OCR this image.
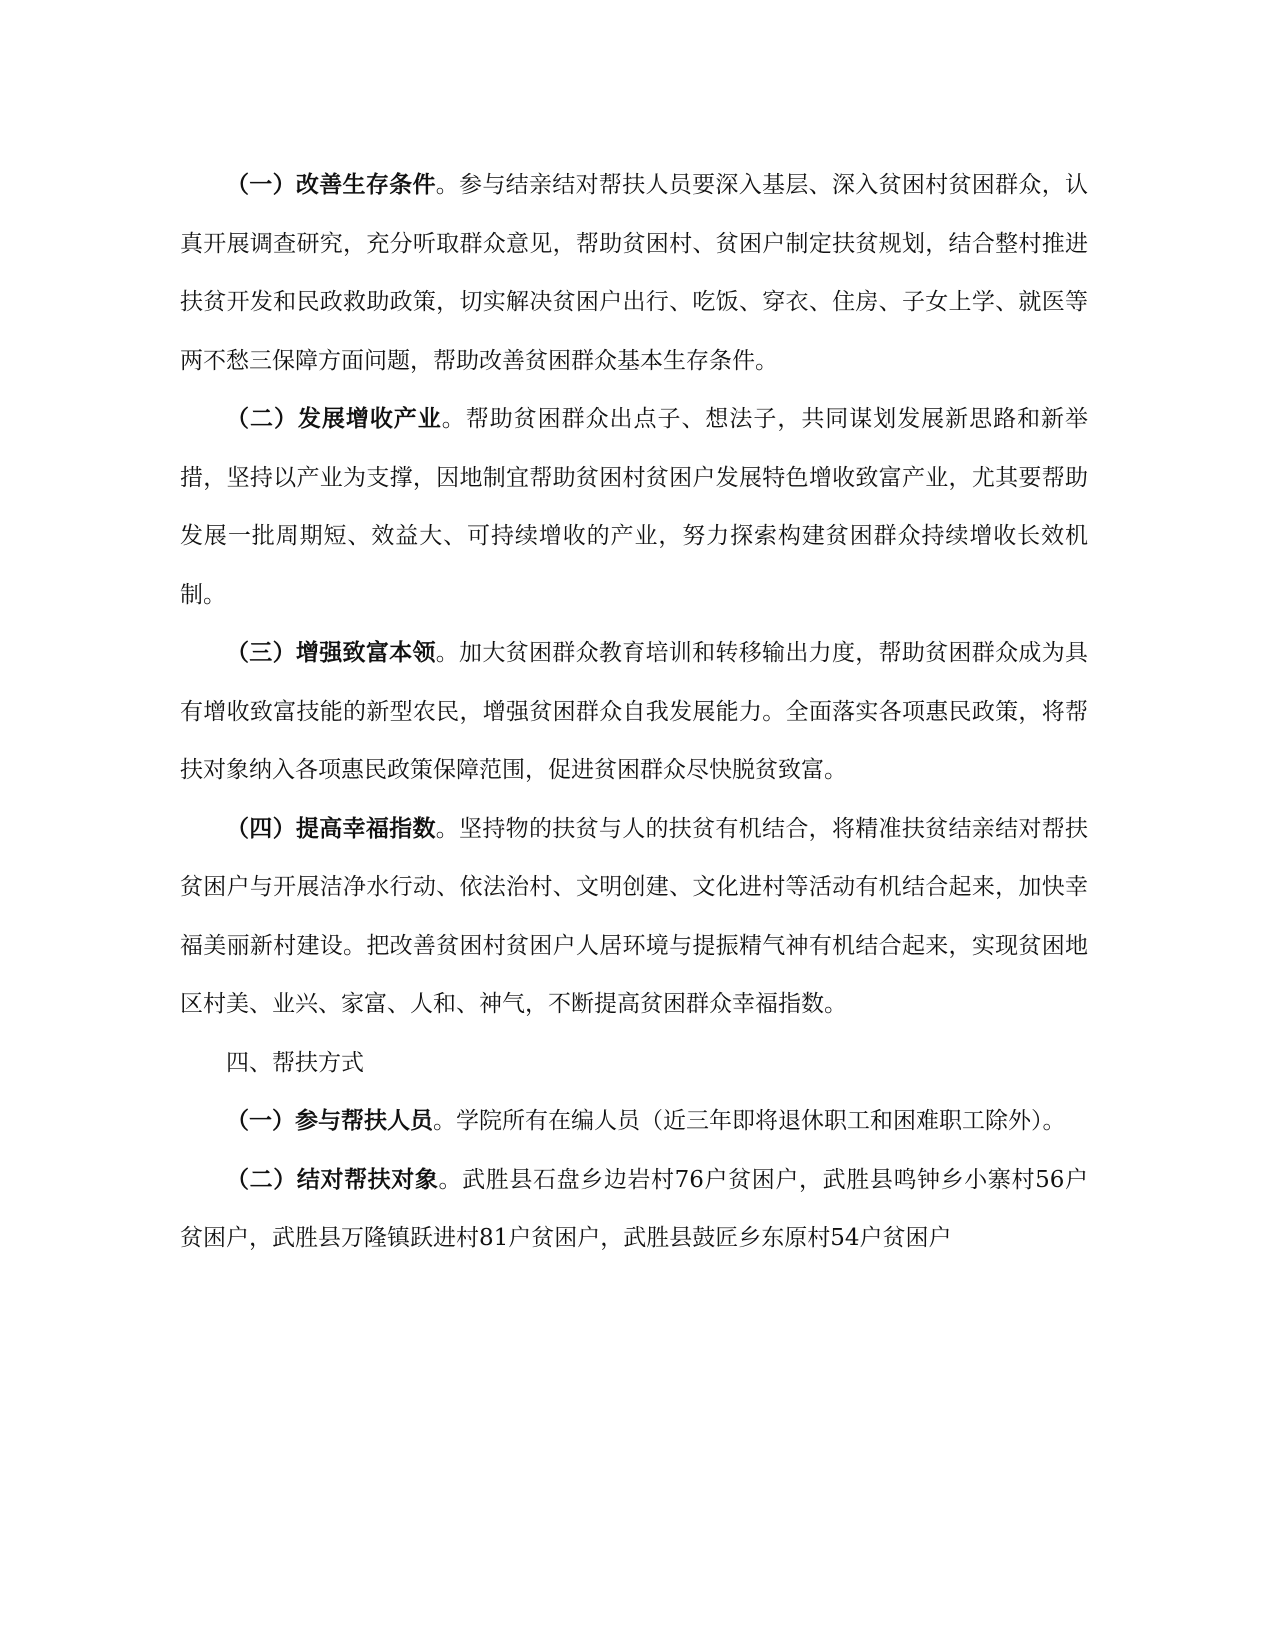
（一）改善生存条件。参与结亲结对帮扶人员要深入基层、深入贫困村贫困群众，认真开展调查研究，充分听取群众意见，帮助贫困村、贫困户制定扶贫规划，结合整村推进扶贫开发和民政救助政策，切实解决贫困户出行、吃饭、穿衣、住房、子女上学、就医等两不愁三保障方面问题，帮助改善贫困群众基本生存条件。

（二）发展增收产业。帮助贫困群众出点子、想法子，共同谋划发展新思路和新举措，坚持以产业为支撑，因地制宜帮助贫困村贫困户发展特色增收致富产业，尤其要帮助发展一批周期短、效益大、可持续增收的产业，努力探索构建贫困群众持续增收长效机制。

（三）增强致富本领。加大贫困群众教育培训和转移输出力度，帮助贫困群众成为具有增收致富技能的新型农民，增强贫困群众自我发展能力。全面落实各项惠民政策，将帮扶对象纳入各项惠民政策保障范围，促进贫困群众尽快脱贫致富。

（四）提高幸福指数。坚持物的扶贫与人的扶贫有机结合，将精准扶贫结亲结对帮扶贫困户与开展洁净水行动、依法治村、文明创建、文化进村等活动有机结合起来，加快幸福美丽新村建设。把改善贫困村贫困户人居环境与提振精气神有机结合起来，实现贫困地区村美、业兴、家富、人和、神气，不断提高贫困群众幸福指数。

四、帮扶方式

（一）参与帮扶人员。学院所有在编人员（近三年即将退休职工和困难职工除外）。

（二）结对帮扶对象。武胜县石盘乡边岩村76户贫困户，武胜县鸣钟乡小寨村56户贫困户，武胜县万隆镇跃进村81户贫困户，武胜县鼓匠乡东原村54户贫困户
